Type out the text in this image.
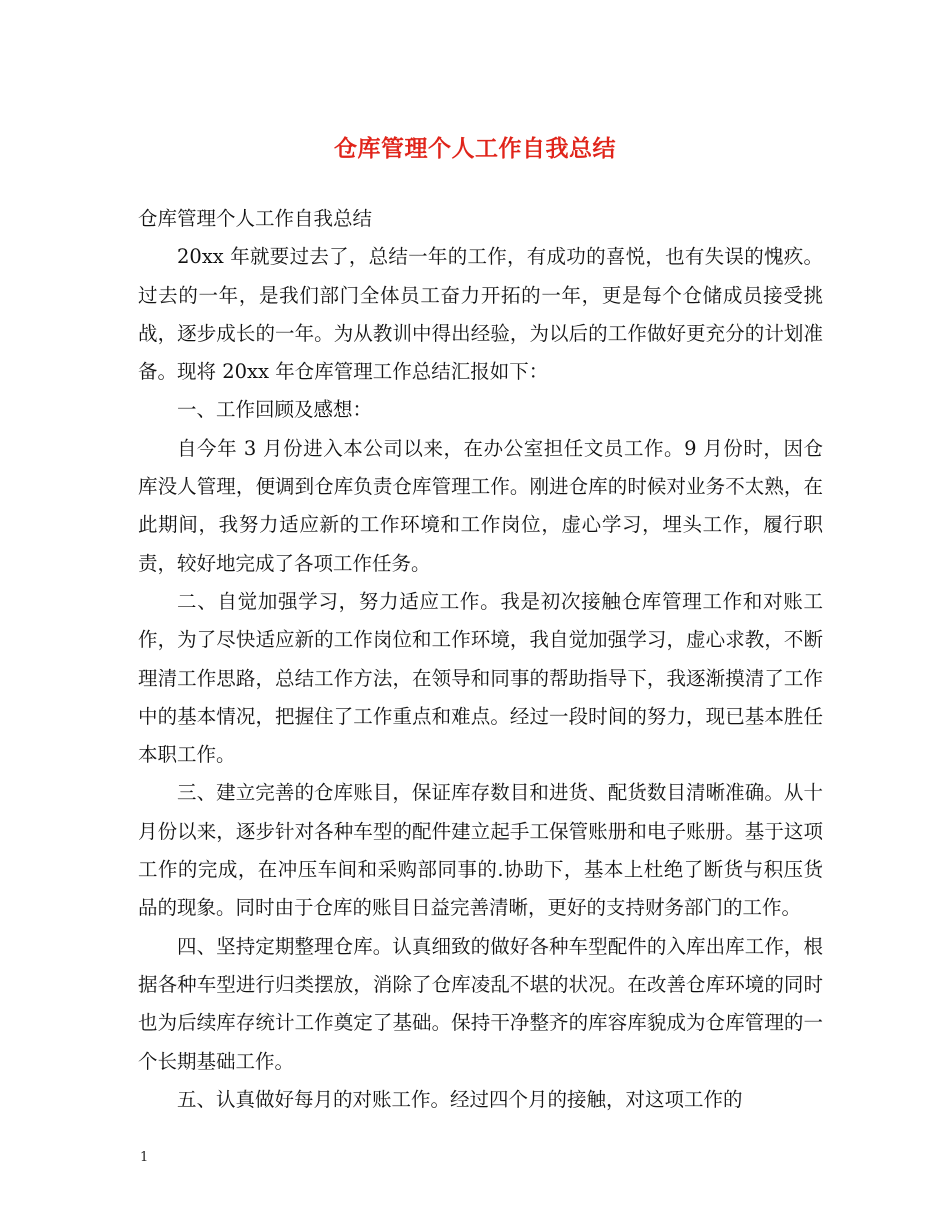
仓库管理个人工作自我总结

仓库管理个人工作自我总结

20xx 年就要过去了，总结一年的工作，有成功的喜悦，也有失误的愧疚。过去的一年，是我们部门全体员工奋力开拓的一年，更是每个仓储成员接受挑战，逐步成长的一年。为从教训中得出经验，为以后的工作做好更充分的计划准备。现将 20xx 年仓库管理工作总结汇报如下：

一、工作回顾及感想：

自今年 3 月份进入本公司以来，在办公室担任文员工作。9 月份时，因仓库没人管理，便调到仓库负责仓库管理工作。刚进仓库的时候对业务不太熟，在此期间，我努力适应新的工作环境和工作岗位，虚心学习，埋头工作，履行职责，较好地完成了各项工作任务。

二、自觉加强学习，努力适应工作。我是初次接触仓库管理工作和对账工作，为了尽快适应新的工作岗位和工作环境，我自觉加强学习，虚心求教，不断理清工作思路，总结工作方法，在领导和同事的帮助指导下，我逐渐摸清了工作中的基本情况，把握住了工作重点和难点。经过一段时间的努力，现已基本胜任本职工作。

三、建立完善的仓库账目，保证库存数目和进货、配货数目清晰准确。从十月份以来，逐步针对各种车型的配件建立起手工保管账册和电子账册。基于这项工作的完成，在冲压车间和采购部同事的.协助下，基本上杜绝了断货与积压货品的现象。同时由于仓库的账目日益完善清晰，更好的支持财务部门的工作。

四、坚持定期整理仓库。认真细致的做好各种车型配件的入库出库工作，根据各种车型进行归类摆放，消除了仓库凌乱不堪的状况。在改善仓库环境的同时也为后续库存统计工作奠定了基础。保持干净整齐的库容库貌成为仓库管理的一个长期基础工作。

五、认真做好每月的对账工作。经过四个月的接触，对这项工作的

1
